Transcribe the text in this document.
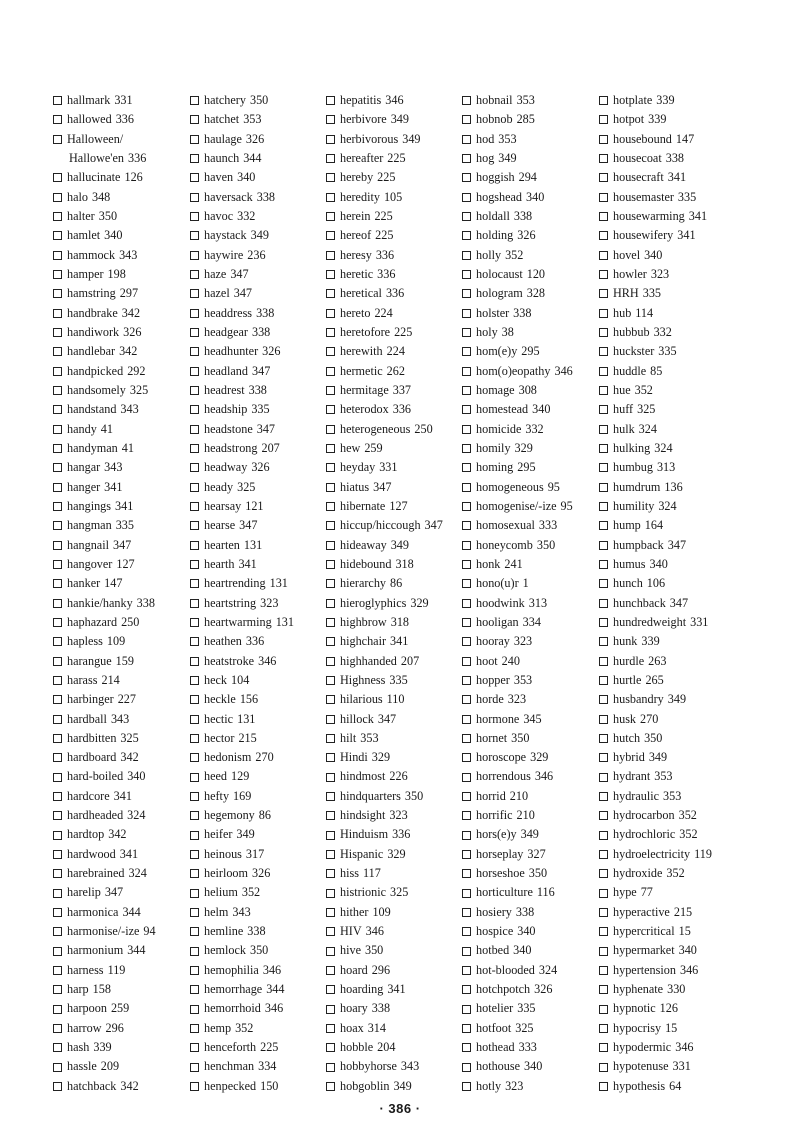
hallmark 331
hallowed 336
Halloween/
Hallowe'en 336
hallucinate 126
halo 348
halter 350
hamlet 340
hammock 343
hamper 198
hamstring 297
handbrake 342
handiwork 326
handlebar 342
handpicked 292
handsomely 325
handstand 343
handy 41
handyman 41
hangar 343
hanger 341
hangings 341
hangman 335
hangnail 347
hangover 127
hanker 147
hankie/hanky 338
haphazard 250
hapless 109
harangue 159
harass 214
harbinger 227
hardball 343
hardbitten 325
hardboard 342
hard-boiled 340
hardcore 341
hardheaded 324
hardtop 342
hardwood 341
harebrained 324
harelip 347
harmonica 344
harmonise/-ize 94
harmonium 344
harness 119
harp 158
harpoon 259
harrow 296
hash 339
hassle 209
hatchback 342
hatchery 350
hatchet 353
haulage 326
haunch 344
haven 340
haversack 338
havoc 332
haystack 349
haywire 236
haze 347
hazel 347
headdress 338
headgear 338
headhunter 326
headland 347
headrest 338
headship 335
headstone 347
headstrong 207
headway 326
heady 325
hearsay 121
hearse 347
hearten 131
hearth 341
heartrending 131
heartstring 323
heartwarming 131
heathen 336
heatstroke 346
heck 104
heckle 156
hectic 131
hector 215
hedonism 270
heed 129
hefty 169
hegemony 86
heifer 349
heinous 317
heirloom 326
helium 352
helm 343
hemline 338
hemlock 350
hemophilia 346
hemorrhage 344
hemorrhoid 346
hemp 352
henceforth 225
henchman 334
henpecked 150
hepatitis 346
herbivore 349
herbivorous 349
hereafter 225
hereby 225
heredity 105
herein 225
hereof 225
heresy 336
heretic 336
heretical 336
hereto 224
heretofore 225
herewith 224
hermetic 262
hermitage 337
heterodox 336
heterogeneous 250
hew 259
heyday 331
hiatus 347
hibernate 127
hiccup/hiccough 347
hideaway 349
hidebound 318
hierarchy 86
hieroglyphics 329
highbrow 318
highchair 341
highhanded 207
Highness 335
hilarious 110
hillock 347
hilt 353
Hindi 329
hindmost 226
hindquarters 350
hindsight 323
Hinduism 336
Hispanic 329
hiss 117
histrionic 325
hither 109
HIV 346
hive 350
hoard 296
hoarding 341
hoary 338
hoax 314
hobble 204
hobbyhorse 343
hobgoblin 349
hobnail 353
hobnob 285
hod 353
hog 349
hoggish 294
hogshead 340
holdall 338
holding 326
holly 352
holocaust 120
hologram 328
holster 338
holy 38
hom(e)y 295
hom(o)eopathy 346
homage 308
homestead 340
homicide 332
homily 329
homing 295
homogeneous 95
homogenise/-ize 95
homosexual 333
honeycomb 350
honk 241
hono(u)r 1
hoodwink 313
hooligan 334
hooray 323
hoot 240
hopper 353
horde 323
hormone 345
hornet 350
horoscope 329
horrendous 346
horrid 210
horrific 210
hors(e)y 349
horseplay 327
horseshoe 350
horticulture 116
hosiery 338
hospice 340
hotbed 340
hot-blooded 324
hotchpotch 326
hotelier 335
hotfoot 325
hothead 333
hothouse 340
hotly 323
hotplate 339
hotpot 339
housebound 147
housecoat 338
housecraft 341
housemaster 335
housewarming 341
housewifery 341
hovel 340
howler 323
HRH 335
hub 114
hubbub 332
huckster 335
huddle 85
hue 352
huff 325
hulk 324
hulking 324
humbug 313
humdrum 136
humility 324
hump 164
humpback 347
humus 340
hunch 106
hunchback 347
hundredweight 331
hunk 339
hurdle 263
hurtle 265
husbandry 349
husk 270
hutch 350
hybrid 349
hydrant 353
hydraulic 353
hydrocarbon 352
hydrochloric 352
hydroelectricity 119
hydroxide 352
hype 77
hyperactive 215
hypercritical 15
hypermarket 340
hypertension 346
hyphenate 330
hypnotic 126
hypocrisy 15
hypodermic 346
hypotenuse 331
hypothesis 64
· 386 ·
